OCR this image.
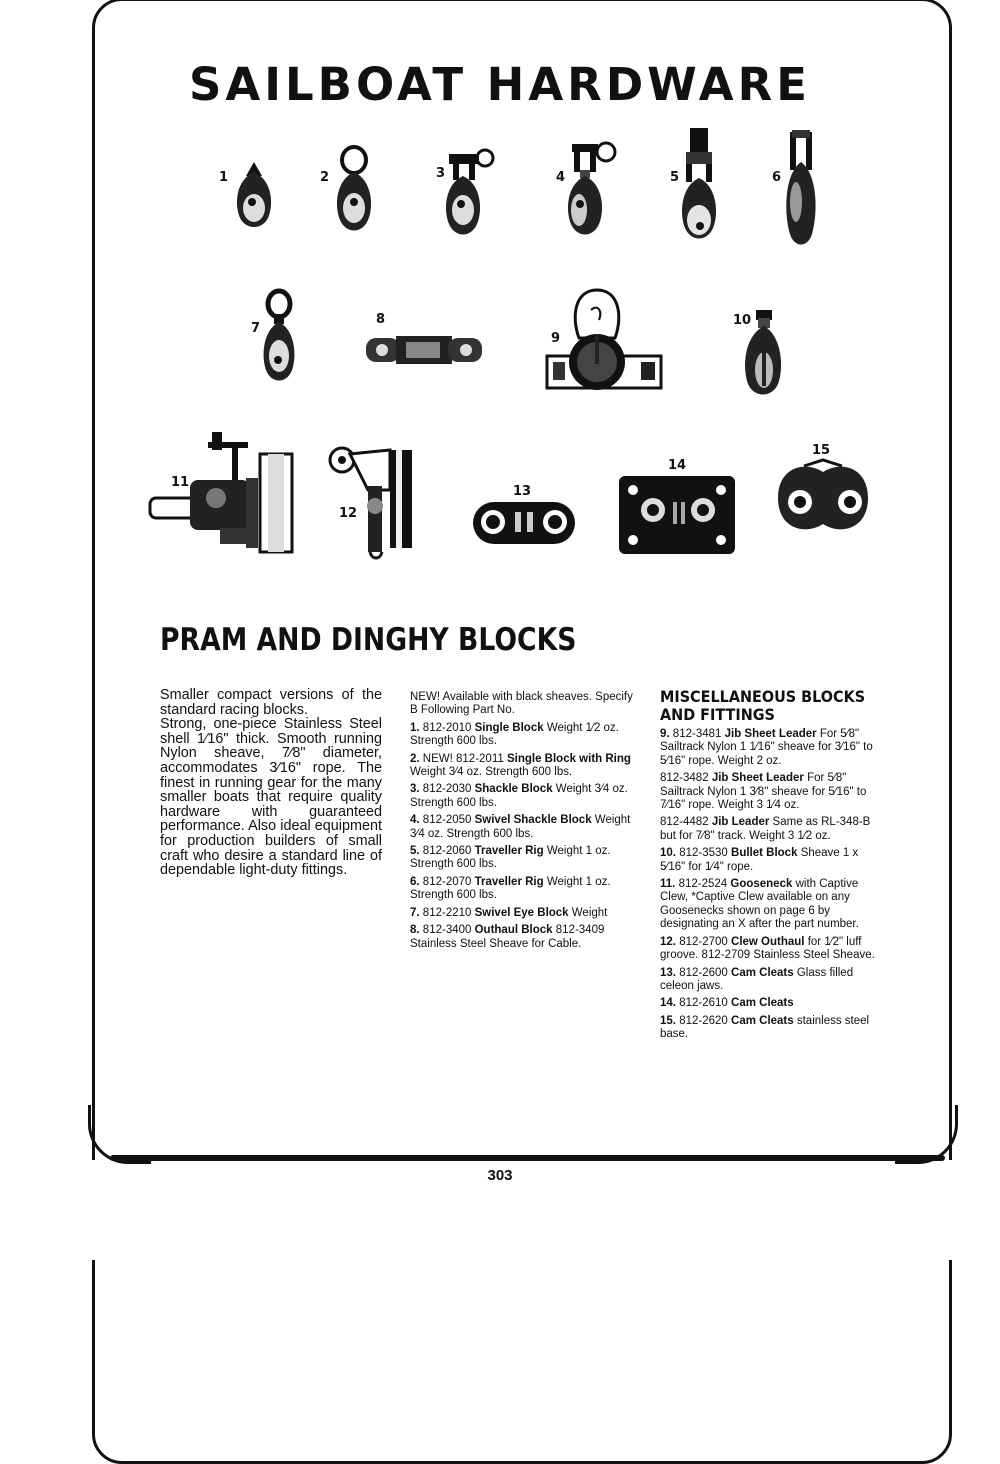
SAILBOAT HARDWARE
1	2	3	4	5	6
7
8
9
10
11
12
13
14
15
PRAM AND DINGHY BLOCKS

Smaller compact versions of the standard racing blocks.

Strong, one-piece Stainless Steel shell 1⁄16" thick. Smooth running Nylon sheave, 7⁄8" diameter, accommodates 3⁄16" rope. The finest in running gear for the many smaller boats that require quality hardware with guaranteed performance. Also ideal equipment for production builders of small craft who desire a standard line of dependable light-duty fittings.

NEW! Available with black sheaves. Specify B Following Part No.

1. 812-2010 Single Block Weight 1⁄2 oz. Strength 600 lbs.

2. NEW! 812-2011 Single Block with Ring Weight 3⁄4 oz. Strength 600 lbs.

3. 812-2030 Shackle Block Weight 3⁄4 oz. Strength 600 lbs.

4. 812-2050 Swivel Shackle Block Weight 3⁄4 oz. Strength 600 lbs.

5. 812-2060 Traveller Rig Weight 1 oz. Strength 600 lbs.

6. 812-2070 Traveller Rig Weight 1 oz. Strength 600 lbs.

7. 812-2210 Swivel Eye Block Weight

8. 812-3400 Outhaul Block 812-3409 Stainless Steel Sheave for Cable.

MISCELLANEOUS BLOCKS
AND FITTINGS

9. 812-3481 Jib Sheet Leader For 5⁄8" Sailtrack Nylon 1 1⁄16" sheave for 3⁄16" to 5⁄16" rope. Weight 2 oz.

812-3482 Jib Sheet Leader For 5⁄8" Sailtrack Nylon 1 3⁄8" sheave for 5⁄16" to 7⁄16" rope. Weight 3 1⁄4 oz.

812-4482 Jib Leader Same as RL-348-B but for 7⁄8" track. Weight 3 1⁄2 oz.

10. 812-3530 Bullet Block Sheave 1 x 5⁄16" for 1⁄4" rope.

11. 812-2524 Gooseneck with Captive Clew, *Captive Clew available on any Goosenecks shown on page 6 by designating an X after the part number.

12. 812-2700 Clew Outhaul for 1⁄2" luff groove. 812-2709 Stainless Steel Sheave.

13. 812-2600 Cam Cleats Glass filled celeon jaws.

14. 812-2610 Cam Cleats

15. 812-2620 Cam Cleats stainless steel base.

303
